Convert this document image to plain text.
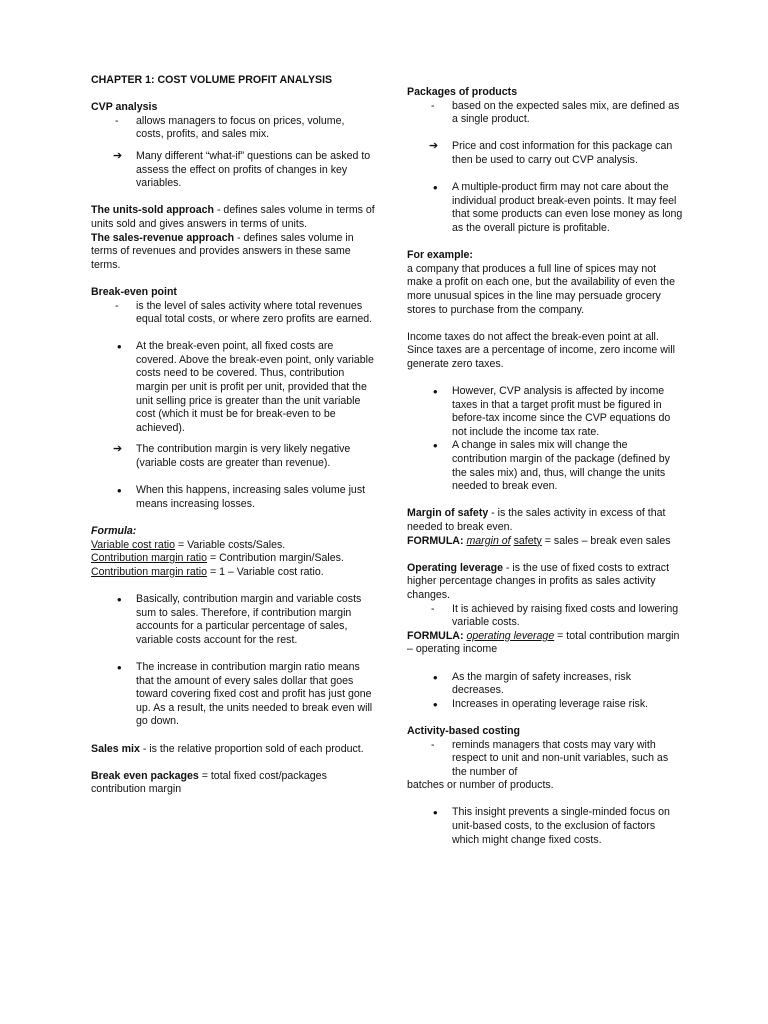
CHAPTER 1: COST VOLUME PROFIT ANALYSIS

CVP analysis

- allows managers to focus on prices, volume, costs, profits, and sales mix.

➔ Many different “what-if” questions can be asked to assess the effect on profits of changes in key variables.

The units-sold approach - defines sales volume in terms of units sold and gives answers in terms of units.

The sales-revenue approach - defines sales volume in terms of revenues and provides answers in these same terms.

Break-even point

- is the level of sales activity where total revenues equal total costs, or where zero profits are earned.

• At the break-even point, all fixed costs are covered. Above the break-even point, only variable costs need to be covered. Thus, contribution margin per unit is profit per unit, provided that the unit selling price is greater than the unit variable cost (which it must be for break-even to be achieved).

➔ The contribution margin is very likely negative (variable costs are greater than revenue).

• When this happens, increasing sales volume just means increasing losses.

Formula:

Variable cost ratio = Variable costs/Sales.

Contribution margin ratio = Contribution margin/Sales.

Contribution margin ratio = 1 – Variable cost ratio.

• Basically, contribution margin and variable costs sum to sales. Therefore, if contribution margin accounts for a particular percentage of sales, variable costs account for the rest.

• The increase in contribution margin ratio means that the amount of every sales dollar that goes toward covering fixed cost and profit has just gone up. As a result, the units needed to break even will go down.

Sales mix - is the relative proportion sold of each product.

Break even packages = total fixed cost/packages contribution margin

Packages of products

- based on the expected sales mix, are defined as a single product.

➔ Price and cost information for this package can then be used to carry out CVP analysis.

• A multiple-product firm may not care about the individual product break-even points. It may feel that some products can even lose money as long as the overall picture is profitable.

For example:

a company that produces a full line of spices may not make a profit on each one, but the availability of even the more unusual spices in the line may persuade grocery stores to purchase from the company.

Income taxes do not affect the break-even point at all. Since taxes are a percentage of income, zero income will generate zero taxes.

• However, CVP analysis is affected by income taxes in that a target profit must be figured in before-tax income since the CVP equations do not include the income tax rate.

• A change in sales mix will change the contribution margin of the package (defined by the sales mix) and, thus, will change the units needed to break even.

Margin of safety - is the sales activity in excess of that needed to break even.

FORMULA: margin of safety = sales – break even sales

Operating leverage - is the use of fixed costs to extract higher percentage changes in profits as sales activity changes.

- It is achieved by raising fixed costs and lowering variable costs.

FORMULA: operating leverage = total contribution margin – operating income

• As the margin of safety increases, risk decreases.

• Increases in operating leverage raise risk.

Activity-based costing

- reminds managers that costs may vary with respect to unit and non-unit variables, such as the number of

batches or number of products.

• This insight prevents a single-minded focus on unit-based costs, to the exclusion of factors which might change fixed costs.
